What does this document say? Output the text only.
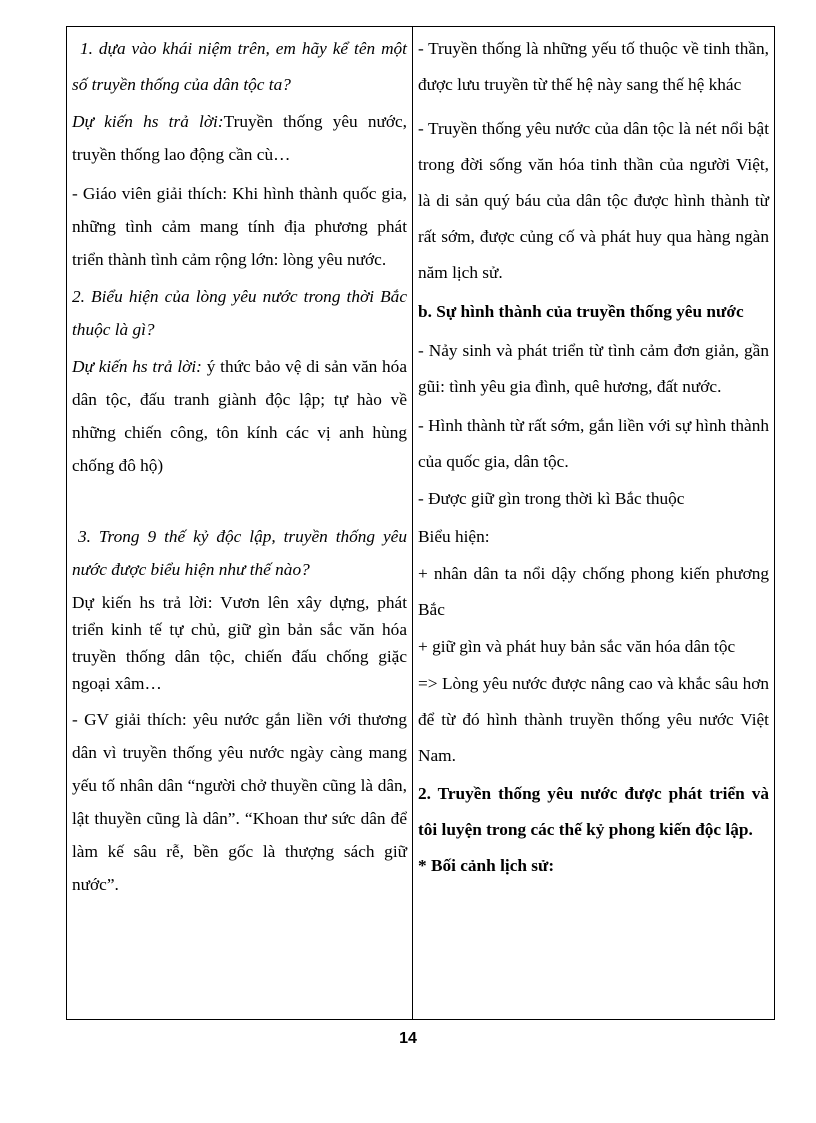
1. dựa vào khái niệm trên, em hãy kể tên một số truyền thống của dân tộc ta?

Dự kiến hs trả lời:Truyền thống yêu nước, truyền thống lao động cần cù…

- Giáo viên giải thích: Khi hình thành quốc gia, những tình cảm mang tính địa phương phát triển thành tình cảm rộng lớn: lòng yêu nước.

2. Biểu hiện của lòng yêu nước trong thời Bắc thuộc là gì?

Dự kiến hs trả lời: ý thức bảo vệ di sản văn hóa dân tộc, đấu tranh giành độc lập; tự hào về những chiến công, tôn kính các vị anh hùng chống đô hộ)

3. Trong 9 thế kỷ độc lập, truyền thống yêu nước được biểu hiện như thế nào?

Dự kiến hs trả lời: Vươn lên xây dựng, phát triển kinh tế tự chủ, giữ gìn bản sắc văn hóa truyền thống dân tộc, chiến đấu chống giặc ngoại xâm…

- GV giải thích: yêu nước gắn liền với thương dân vì truyền thống yêu nước ngày càng mang yếu tố nhân dân “người chở thuyền cũng là dân, lật thuyền cũng là dân”. “Khoan thư sức dân để làm kế sâu rễ, bền gốc là thượng sách giữ nước”.

- Truyền thống là những yếu tố thuộc về tinh thần, được lưu truyền từ thế hệ này sang thế hệ khác

- Truyền thống yêu nước của dân tộc là nét nổi bật trong đời sống văn hóa tinh thần của người Việt, là di sản quý báu của dân tộc được hình thành từ rất sớm, được củng cố và phát huy qua hàng ngàn năm lịch sử.

b. Sự hình thành của truyền thống yêu nước

- Nảy sinh và phát triển từ tình cảm đơn giản, gần gũi: tình yêu gia đình, quê hương, đất nước.

- Hình thành từ rất sớm, gắn liền với sự hình thành của quốc gia, dân tộc.

- Được giữ gìn trong thời kì Bắc thuộc

Biểu hiện:

+ nhân dân ta nổi dậy chống phong kiến phương Bắc

+ giữ gìn và phát huy bản sắc văn hóa dân tộc

=> Lòng yêu nước được nâng cao và khắc sâu hơn để từ đó hình thành truyền thống yêu nước Việt Nam.

2. Truyền thống yêu nước được phát triển và tôi luyện trong các thế kỷ phong kiến độc lập.

* Bối cảnh lịch sử:

14
